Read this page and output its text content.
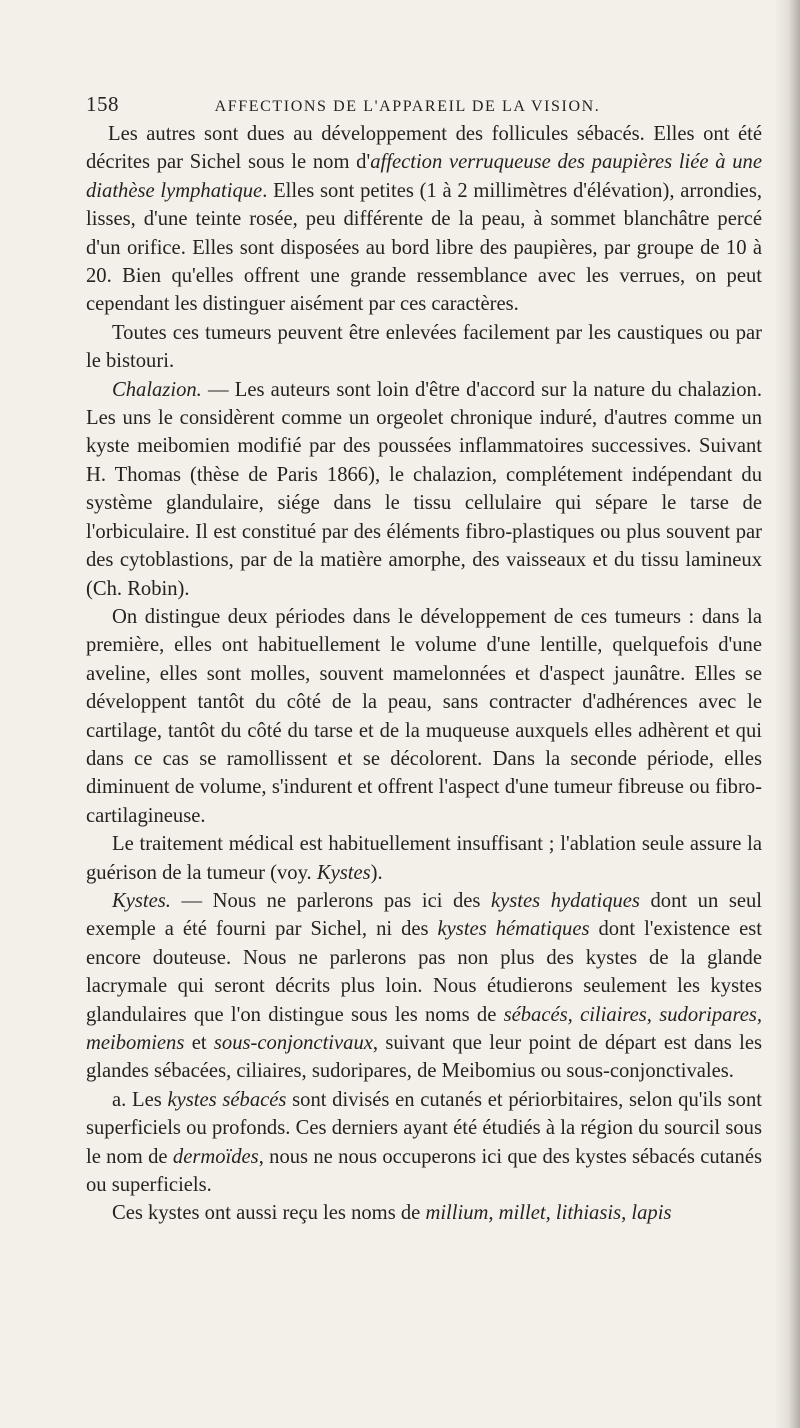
158	AFFECTIONS DE L'APPAREIL DE LA VISION.

Les autres sont dues au développement des follicules sébacés. Elles ont été décrites par Sichel sous le nom d'affection verruqueuse des paupières liée à une diathèse lymphatique. Elles sont petites (1 à 2 millimètres d'élévation), arrondies, lisses, d'une teinte rosée, peu différente de la peau, à sommet blanchâtre percé d'un orifice. Elles sont disposées au bord libre des paupières, par groupe de 10 à 20. Bien qu'elles offrent une grande ressemblance avec les verrues, on peut cependant les distinguer aisément par ces caractères.

Toutes ces tumeurs peuvent être enlevées facilement par les caustiques ou par le bistouri.

Chalazion. — Les auteurs sont loin d'être d'accord sur la nature du chalazion. Les uns le considèrent comme un orgeolet chronique induré, d'autres comme un kyste meibomien modifié par des poussées inflammatoires successives. Suivant H. Thomas (thèse de Paris 1866), le chalazion, complétement indépendant du système glandulaire, siége dans le tissu cellulaire qui sépare le tarse de l'orbiculaire. Il est constitué par des éléments fibro-plastiques ou plus souvent par des cytoblastions, par de la matière amorphe, des vaisseaux et du tissu lamineux (Ch. Robin).

On distingue deux périodes dans le développement de ces tumeurs : dans la première, elles ont habituellement le volume d'une lentille, quelquefois d'une aveline, elles sont molles, souvent mamelonnées et d'aspect jaunâtre. Elles se développent tantôt du côté de la peau, sans contracter d'adhérences avec le cartilage, tantôt du côté du tarse et de la muqueuse auxquels elles adhèrent et qui dans ce cas se ramollissent et se décolorent. Dans la seconde période, elles diminuent de volume, s'indurent et offrent l'aspect d'une tumeur fibreuse ou fibro-cartilagineuse.

Le traitement médical est habituellement insuffisant ; l'ablation seule assure la guérison de la tumeur (voy. Kystes).

Kystes. — Nous ne parlerons pas ici des kystes hydatiques dont un seul exemple a été fourni par Sichel, ni des kystes hématiques dont l'existence est encore douteuse. Nous ne parlerons pas non plus des kystes de la glande lacrymale qui seront décrits plus loin. Nous étudierons seulement les kystes glandulaires que l'on distingue sous les noms de sébacés, ciliaires, sudoripares, meibomiens et sous-conjonctivaux, suivant que leur point de départ est dans les glandes sébacées, ciliaires, sudoripares, de Meibomius ou sous-conjonctivales.

a. Les kystes sébacés sont divisés en cutanés et périorbitaires, selon qu'ils sont superficiels ou profonds. Ces derniers ayant été étudiés à la région du sourcil sous le nom de dermoïdes, nous ne nous occuperons ici que des kystes sébacés cutanés ou superficiels.

Ces kystes ont aussi reçu les noms de millium, millet, lithiasis, lapis
